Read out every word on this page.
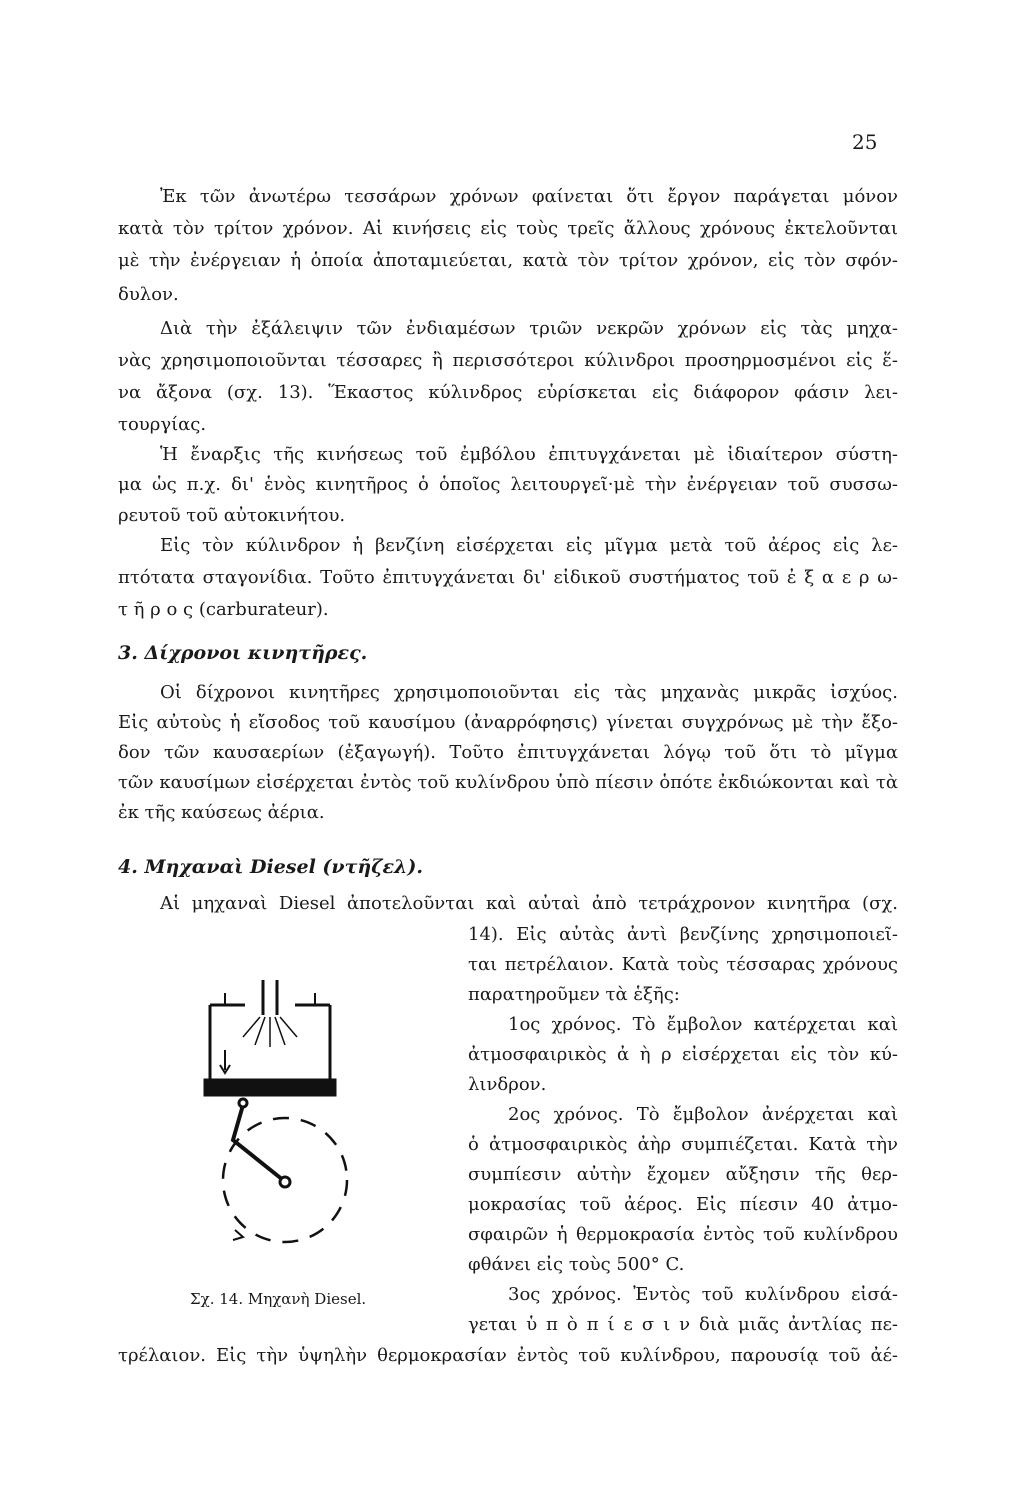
25
Ἐκ τῶν ἀνωτέρω τεσσάρων χρόνων φαίνεται ὅτι ἔργον παράγεται μόνον
κατὰ τὸν τρίτον χρόνον. Αἱ κινήσεις εἰς τοὺς τρεῖς ἄλλους χρόνους ἐκτελοῦνται
μὲ τὴν ἐνέργειαν ἡ ὁποία ἀποταμιεύεται, κατὰ τὸν τρίτον χρόνον, εἰς τὸν σφόν-
δυλον.
Διὰ τὴν ἐξάλειψιν τῶν ἐνδιαμέσων τριῶν νεκρῶν χρόνων εἰς τὰς μηχα-
νὰς χρησιμοποιοῦνται τέσσαρες ἢ περισσότεροι κύλινδροι προσηρμοσμένοι εἰς ἕ-
να ἄξονα (σχ. 13). Ἕκαστος κύλινδρος εὑρίσκεται εἰς διάφορον φάσιν λει-
τουργίας.
Ἡ ἔναρξις τῆς κινήσεως τοῦ ἐμβόλου ἐπιτυγχάνεται μὲ ἰδιαίτερον σύστη-
μα ὡς π.χ. δι' ἑνὸς κινητῆρος ὁ ὁποῖος λειτουργεῖ·μὲ τὴν ἐνέργειαν τοῦ συσσω-
ρευτοῦ τοῦ αὐτοκινήτου.
Εἰς τὸν κύλινδρον ἡ βενζίνη εἰσέρχεται εἰς μῖγμα μετὰ τοῦ ἀέρος εἰς λε-
πτότατα σταγονίδια. Τοῦτο ἐπιτυγχάνεται δι' εἰδικοῦ συστήματος τοῦ ἐ ξ α ε ρ ω-
τ ῆ ρ ο ς (carburateur).
3. Δίχρονοι κινητῆρες.
Οἱ δίχρονοι κινητῆρες χρησιμοποιοῦνται εἰς τὰς μηχανὰς μικρᾶς ἰσχύος.
Εἰς αὐτοὺς ἡ εἴσοδος τοῦ καυσίμου (ἀναρρόφησις) γίνεται συγχρόνως μὲ τὴν ἔξο-
δον τῶν καυσαερίων (ἐξαγωγή). Τοῦτο ἐπιτυγχάνεται λόγῳ τοῦ ὅτι τὸ μῖγμα
τῶν καυσίμων εἰσέρχεται ἐντὸς τοῦ κυλίνδρου ὑπὸ πίεσιν ὁπότε ἐκδιώκονται καὶ τὰ
ἐκ τῆς καύσεως ἀέρια.
4. Μηχαναὶ Diesel (ντῆζελ).
Αἱ μηχαναὶ Diesel ἀποτελοῦνται καὶ αὐταὶ ἀπὸ τετράχρονον κινητῆρα (σχ.
14). Εἰς αὐτὰς ἀντὶ βενζίνης χρησιμοποιεῖ-
ται πετρέλαιον. Κατὰ τοὺς τέσσαρας χρόνους
παρατηροῦμεν τὰ ἑξῆς:
1ος χρόνος. Τὸ ἔμβολον κατέρχεται καὶ
ἀτμοσφαιρικὸς ἀ ὴ ρ εἰσέρχεται εἰς τὸν κύ-
λινδρον.
2ος χρόνος. Τὸ ἔμβολον ἀνέρχεται καὶ
ὁ ἀτμοσφαιρικὸς ἀὴρ συμπιέζεται. Κατὰ τὴν
συμπίεσιν αὐτὴν ἔχομεν αὔξησιν τῆς θερ-
μοκρασίας τοῦ ἀέρος. Εἰς πίεσιν 40 ἀτμο-
σφαιρῶν ἡ θερμοκρασία ἐντὸς τοῦ κυλίνδρου
φθάνει εἰς τοὺς 500° C.
3ος χρόνος. Ἐντὸς τοῦ κυλίνδρου εἰσά-
γεται ὑ π ὸ π ί ε σ ι ν διὰ μιᾶς ἀντλίας πε-
τρέλαιον. Εἰς τὴν ὑψηλὴν θερμοκρασίαν ἐντὸς τοῦ κυλίνδρου, παρουσίᾳ τοῦ ἀέ-
Σχ. 14. Μηχανὴ Diesel.
